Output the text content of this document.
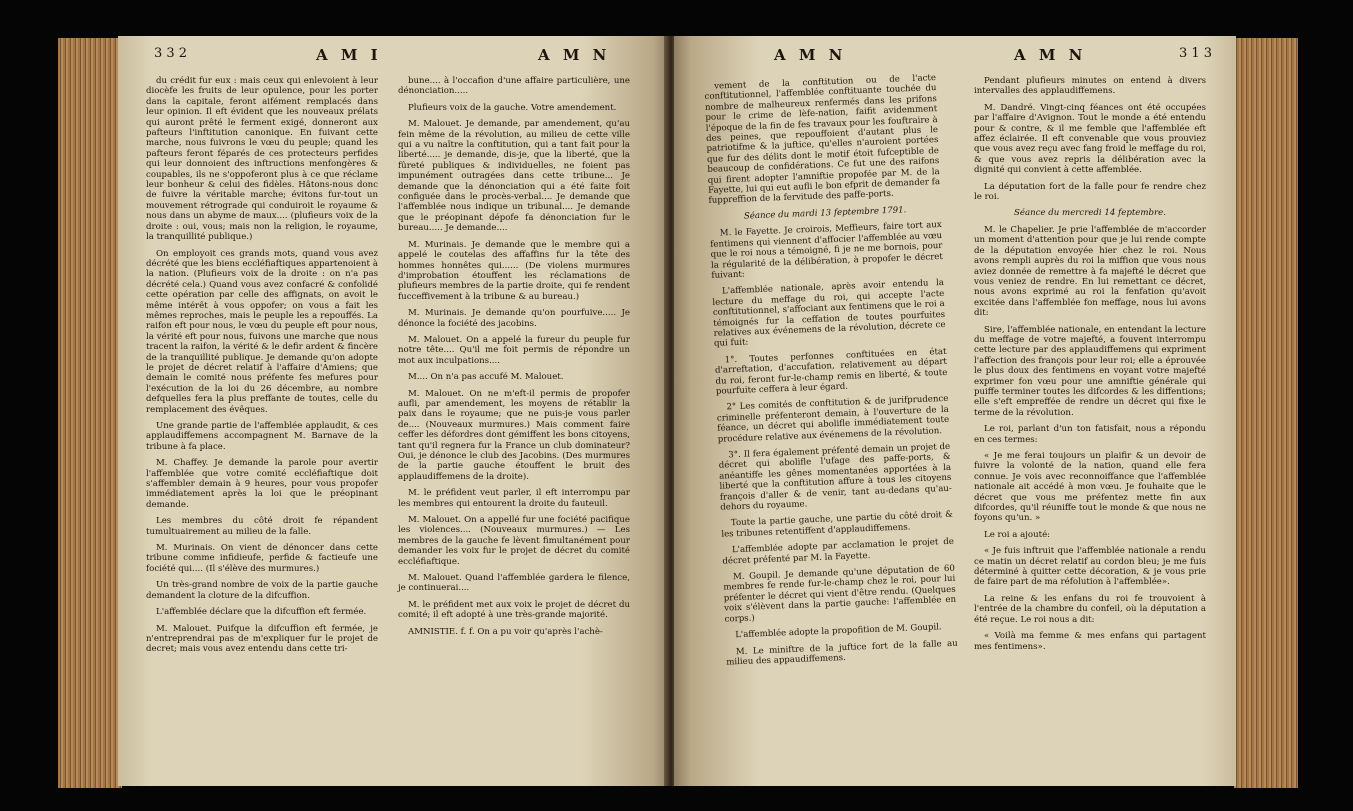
3 3 2	A M I	A M N

du crédit fur eux : mais ceux qui enlevoient à leur diocèfe les fruits de leur opulence, pour les porter dans la capitale, feront aifément remplacés dans leur opinion. Il eft évident que les nouveaux prélats qui auront prêté le ferment exigé, donneront aux pafteurs l'inftitution canonique. En fuivant cette marche, nous fuivrons le vœu du peuple; quand les pafteurs feront féparés de ces protecteurs perfides qui leur donnoient des inftructions menfongères & coupables, ils ne s'oppoferont plus à ce que réclame leur bonheur & celui des fidèles. Hâtons-nous donc de fuivre la véritable marche; évitons fur-tout un mouvement rétrograde qui conduiroit le royaume & nous dans un abyme de maux.... (plufieurs voix de la droite : oui, vous; mais non la religion, le royaume, la tranquillité publique.)

On employoit ces grands mots, quand vous avez décrété que les biens eccléfiaftiques appartenoient à la nation. (Plufieurs voix de la droite : on n'a pas décrété cela.) Quand vous avez confacré & confolidé cette opération par celle des affignats, on avoit le même intérêt à vous oppofer; on vous a fait les mêmes reproches, mais le peuple les a repouffés. La raifon eft pour nous, le vœu du peuple eft pour nous, la vérité eft pour nous, fuivons une marche que nous tracent la raifon, la vérité & le defir ardent & fincère de la tranquillité publique. Je demande qu'on adopte le projet de décret relatif à l'affaire d'Amiens; que demain le comité nous préfente fes mefures pour l'exécution de la loi du 26 décembre, au nombre defquelles fera la plus preffante de toutes, celle du remplacement des évêques.

Une grande partie de l'affemblée applaudit, & ces applaudiffemens accompagnent M. Barnave de la tribune à fa place.

M. Chaffey. Je demande la parole pour avertir l'affemblée que votre comité eccléfiaftique doit s'affembler demain à 9 heures, pour vous propofer immédiatement après la loi que le préopinant demande.

Les membres du côté droit fe répandent tumultuairement au milieu de la falle.

M. Murinais. On vient de dénoncer dans cette tribune comme infidieufe, perfide & factieufe une fociété qui.... (Il s'élève des murmures.)

Un très-grand nombre de voix de la partie gauche demandent la cloture de la difcuffion.

L'affemblée déclare que la difcuffion eft fermée.

M. Malouet. Puifque la difcuffion eft fermée, je n'entreprendrai pas de m'expliquer fur le projet de decret; mais vous avez entendu dans cette tri-

bune.... à l'occafion d'une affaire particulière, une dénonciation.....

Plufieurs voix de la gauche. Votre amendement.

M. Malouet. Je demande, par amendement, qu'au fein même de la révolution, au milieu de cette ville qui a vu naître la conftitution, qui a tant fait pour la liberté..... je demande, dis-je, que la liberté, que la fûreté publiques & individuelles, ne foient pas impunément outragées dans cette tribune... Je demande que la dénonciation qui a été faite foit configuée dans le procès-verbal.... Je demande que l'affemblée nous indique un tribunal.... Je demande que le préopinant dépofe fa dénonciation fur le bureau..... Je demande....

M. Murinais. Je demande que le membre qui a appelé le coutelas des affaffins fur la tête des hommes honnêtes qui...... (De violens murmures d'improbation étouffent les réclamations de plufieurs membres de la partie droite, qui fe rendent fucceffivement à la tribune & au bureau.)

M. Murinais. Je demande qu'on pourfuive..... Je dénonce la fociété des jacobins.

M. Malouet. On a appelé la fureur du peuple fur notre tête.... Qu'il me foit permis de répondre un mot aux inculpations....

M.... On n'a pas accufé M. Malouet.

M. Malouet. On ne m'eft-il permis de propofer aufli, par amendement, les moyens de rétablir la paix dans le royaume; que ne puis-je vous parler de.... (Nouveaux murmures.) Mais comment faire ceffer les défordres dont gémiffent les bons citoyens, tant qu'il regnera fur la France un club dominateur? Oui, je dénonce le club des Jacobins. (Des murmures de la partie gauche étouffent le bruit des applaudiffemens de la droite).

M. le préfident veut parler, il eft interrompu par les membres qui entourent la droite du fauteuil.

M. Malouet. On a appellé fur une fociété pacifique les violences.... (Nouveaux murmures.) — Les membres de la gauche fe lèvent fimultanément pour demander les voix fur le projet de décret du comité eccléfiaftique.

M. Malouet. Quand l'affemblée gardera le filence, je continuerai....

M. le préfident met aux voix le projet de décret du comité; il eft adopté à une très-grande majorité.

AMNISTIE. f. f. On a pu voir qu'après l'achè-

A M N	A M N	3 1 3

vement de la conftitution ou de l'acte conftitutionnel, l'affemblée conftituante touchée du nombre de malheureux renfermés dans les prifons pour le crime de lèfe-nation, faifit avidemment l'époque de la fin de fes travaux pour les fouftraire à des peines, que repouffoient d'autant plus le patriotifme & la juftice, qu'elles n'auroient portées que fur des délits dont le motif étoit fufceptible de beaucoup de confidérations. Ce fut une des raifons qui firent adopter l'amniftie propofée par M. de la Fayette, lui qui eut aufli le bon efprit de demander fa fuppreffion de la fervitude des paffe-ports.

Séance du mardi 13 feptembre 1791.

M. le Fayette. Je croirois, Meffieurs, faire tort aux fentimens qui viennent d'affocier l'affemblée au vœu que le roi nous a témoigné, fi je ne me bornois, pour la régularité de la délibération, à propofer le décret fuivant:

L'affemblée nationale, après avoir entendu la lecture du meffage du roi, qui accepte l'acte conftitutionnel, s'affociant aux fentimens que le roi a témoignés fur la ceffation de toutes pourfuites relatives aux événemens de la révolution, décrete ce qui fuit:

1°. Toutes perfonnes conftituées en état d'arreftation, d'accufation, relativement au départ du roi, feront fur-le-champ remis en liberté, & toute pourfuite ceffera à leur égard.

2° Les comités de conftitution & de jurifprudence criminelle préfenteront demain, à l'ouverture de la féance, un décret qui abolifle immédiatement toute procédure relative aux événemens de la révolution.

3°. Il fera également préfenté demain un projet de décret qui abolifle l'ufage des paffe-ports, & anéantiffe les gênes momentanées apportées à la liberté que la conftitution affure à tous les citoyens françois d'aller & de venir, tant au-dedans qu'au-dehors du royaume.

Toute la partie gauche, une partie du côté droit & les tribunes retentiffent d'applaudiffemens.

L'affemblée adopte par acclamation le projet de décret préfenté par M. la Fayette.

M. Goupil. Je demande qu'une députation de 60 membres fe rende fur-le-champ chez le roi, pour lui préfenter le décret qui vient d'être rendu. (Quelques voix s'élèvent dans la partie gauche: l'affemblée en corps.)

L'affemblée adopte la propofition de M. Goupil.

M. Le miniftre de la juftice fort de la falle au milieu des appaudiffemens.

Pendant plufieurs minutes on entend à divers intervalles des applaudiffemens.

M. Dandré. Vingt-cinq féances ont été occupées par l'affaire d'Avignon. Tout le monde a été entendu pour & contre, & il me femble que l'affemblée eft affez éclairée. Il eft convenable que vous prouviez que vous avez reçu avec fang froid le meffage du roi, & que vous avez repris la délibération avec la dignité qui convient à cette affemblée.

La députation fort de la falle pour fe rendre chez le roi.

Séance du mercredi 14 feptembre.

M. le Chapelier. Je prie l'affemblée de m'accorder un moment d'attention pour que je lui rende compte de la députation envoyée hier chez le roi. Nous avons rempli auprès du roi la miffion que vous nous aviez donnée de remettre à fa majefté le décret que vous veniez de rendre. En lui remettant ce décret, nous avons exprimé au roi la fenfation qu'avoit excitée dans l'affemblée fon meffage, nous lui avons dit:

Sire, l'affemblée nationale, en entendant la lecture du meffage de votre majefté, a fouvent interrompu cette lecture par des applaudiffemens qui expriment l'affection des françois pour leur roi; elle a éprouvée le plus doux des fentimens en voyant votre majefté exprimer fon vœu pour une amniftie générale qui puiffe terminer toutes les difcordes & les diffentions; elle s'eft empreffée de rendre un décret qui fixe le terme de la révolution.

Le roi, parlant d'un ton fatisfait, nous a répondu en ces termes:

« Je me ferai toujours un plaifir & un devoir de fuivre la volonté de la nation, quand elle fera connue. Je vois avec reconnoiffance que l'affemblée nationale ait accédé à mon vœu. Je fouhaite que le décret que vous me préfentez mette fin aux difcordes, qu'il réuniffe tout le monde & que nous ne foyons qu'un. »

Le roi a ajouté:

« Je fuis inftruit que l'affemblée nationale a rendu ce matin un décret relatif au cordon bleu; je me fuis déterminé à quitter cette décoration, & je vous prie de faire part de ma réfolution à l'affemblée».

La reine & les enfans du roi fe trouvoient à l'entrée de la chambre du confeil, où la députation a été reçue. Le roi nous a dit:

« Voilà ma femme & mes enfans qui partagent mes fentimens».
